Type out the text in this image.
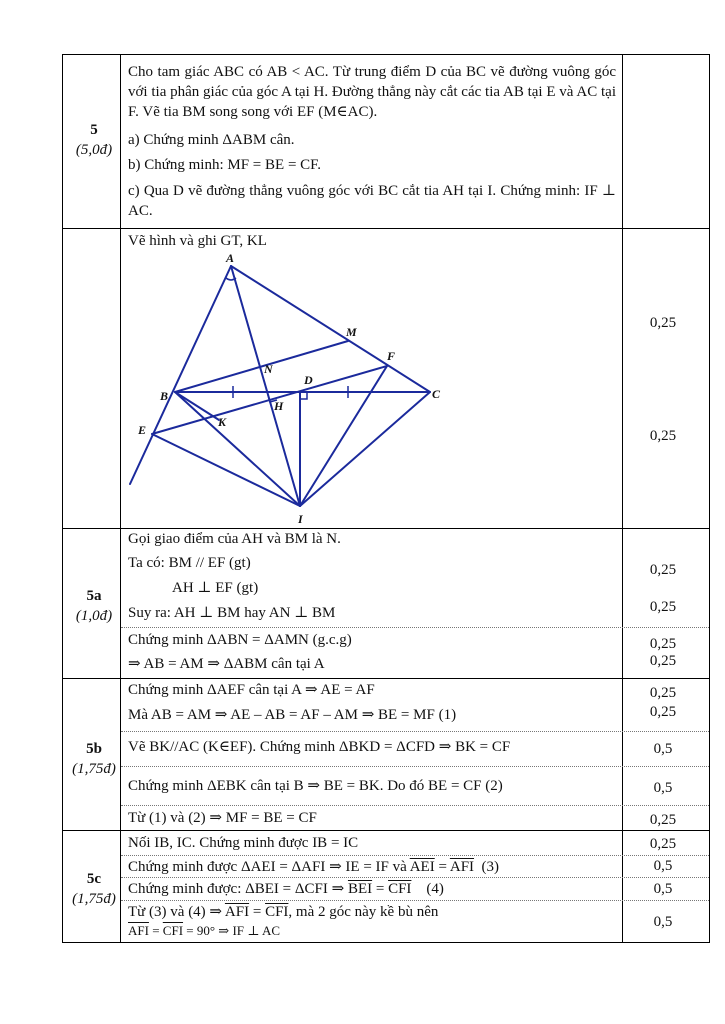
5
(5,0đ)
Cho tam giác ABC có AB < AC. Từ trung điểm D của BC vẽ đường vuông góc với tia phân giác của góc A tại H. Đường thẳng này cắt các tia AB tại E và AC tại F. Vẽ tia BM song song với EF (M∈AC).
a) Chứng minh ΔABM cân.
b) Chứng minh: MF = BE = CF.
c) Qua D vẽ đường thẳng vuông góc với BC cắt tia AH tại I. Chứng minh: IF ⊥ AC.
Vẽ hình và ghi GT, KL
0,25
0,25
A
M
F
N
D
B	C
H
K
E
I
5a
(1,0đ)
Gọi giao điểm của AH và BM là N.
Ta có: BM // EF (gt)
AH ⊥ EF (gt)
Suy ra: AH ⊥ BM hay AN ⊥ BM
Chứng minh ΔABN = ΔAMN (g.c.g)
⇒ AB = AM ⇒ ΔABM cân tại A
0,25
0,25
0,25
0,25
5b
(1,75đ)
Chứng minh ΔAEF cân tại A ⇒ AE = AF
Mà AB = AM ⇒ AE – AB = AF – AM ⇒ BE = MF (1)
Vẽ BK//AC (K∈EF). Chứng minh ΔBKD = ΔCFD ⇒ BK = CF
Chứng minh ΔEBK cân tại B ⇒ BE = BK. Do đó BE = CF (2)
Từ (1) và (2) ⇒ MF = BE = CF
0,25
0,25
0,5
0,5
0,25
5c
(1,75đ)
Nối IB, IC. Chứng minh được IB = IC
Chứng minh được ΔAEI = ΔAFI ⇒ IE = IF và $\overline{AEI} = \overline{AFI}$ (3)
Chứng minh được: ΔBEI = ΔCFI ⇒ $\overline{BEI} = \overline{CFI}$ (4)
Từ (3) và (4) ⇒ $\overline{AFI} = \overline{CFI}$, mà 2 góc này kề bù nên
$\overline{AFI} = \overline{CFI} = 90^\circ$ ⇒ IF ⊥ AC
0,25
0,5
0,5
0,5
